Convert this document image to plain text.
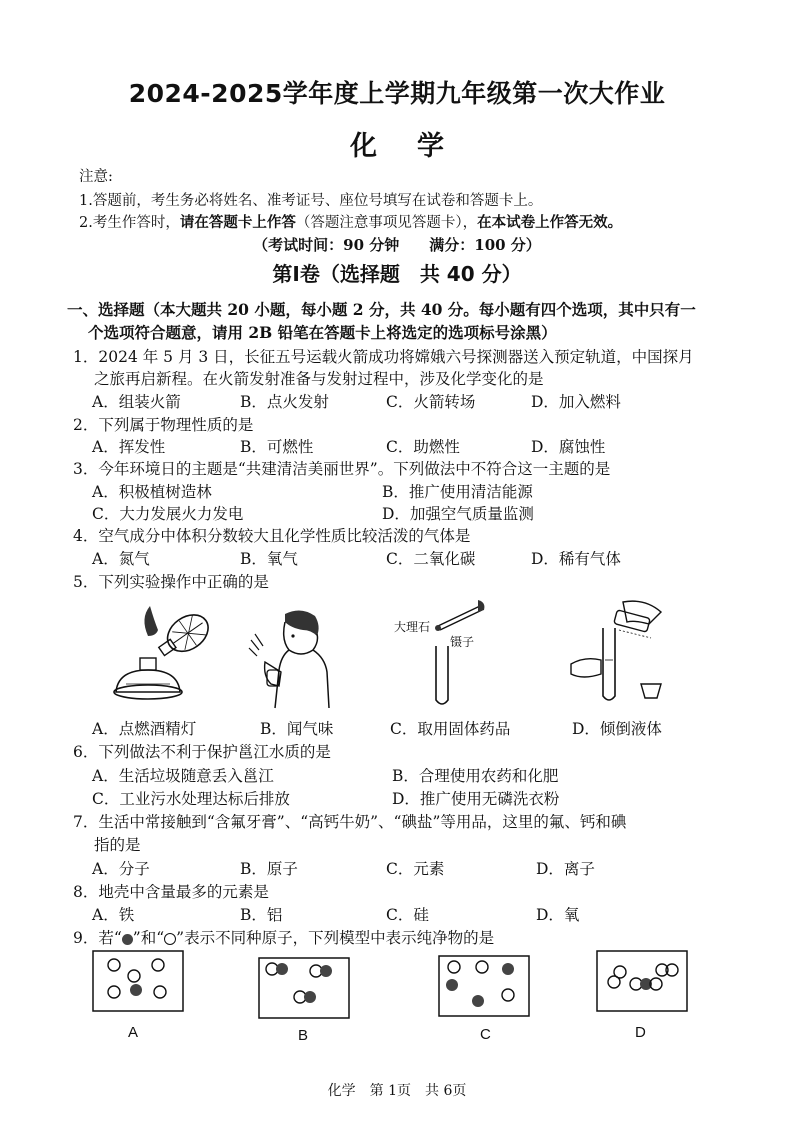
2024-2025学年度上学期九年级第一次大作业
化学
注意:
1.答题前，考生务必将姓名、准考证号、座位号填写在试卷和答题卡上。
2.考生作答时，请在答题卡上作答（答题注意事项见答题卡），在本试卷上作答无效。
（考试时间：90 分钟　　满分：100 分）
第Ⅰ卷（选择题　共 40 分）
一、选择题（本大题共 20 小题，每小题 2 分，共 40 分。每小题有四个选项，其中只有一
个选项符合题意，请用 2B 铅笔在答题卡上将选定的选项标号涂黑）
1．2024 年 5 月 3 日，长征五号运载火箭成功将嫦娥六号探测器送入预定轨道，中国探月
之旅再启新程。在火箭发射准备与发射过程中，涉及化学变化的是
A．组装火箭	B．点火发射	C．火箭转场	D．加入燃料
2．下列属于物理性质的是
A．挥发性	B．可燃性	C．助燃性	D．腐蚀性
3．今年环境日的主题是“共建清洁美丽世界”。下列做法中不符合这一主题的是
A．积极植树造林	B．推广使用清洁能源
C．大力发展火力发电	D．加强空气质量监测
4．空气成分中体积分数较大且化学性质比较活泼的气体是
A．氮气	B．氧气	C．二氧化碳	D．稀有气体
5．下列实验操作中正确的是
大理石
镊子
A．点燃酒精灯	B．闻气味	C．取用固体药品	D．倾倒液体
6．下列做法不利于保护邕江水质的是
A．生活垃圾随意丢入邕江	B．合理使用农药和化肥
C．工业污水处理达标后排放	D．推广使用无磷洗衣粉
7．生活中常接触到“含氟牙膏”、“高钙牛奶”、“碘盐”等用品，这里的氟、钙和碘
指的是
A．分子	B．原子	C．元素	D．离子
8．地壳中含量最多的元素是
A．铁	B．铝	C．硅	D．氧
9．若“ ”和“ ”表示不同种原子，下列模型中表示纯净物的是
A	B	C	D
化学　第 1页　共 6页
